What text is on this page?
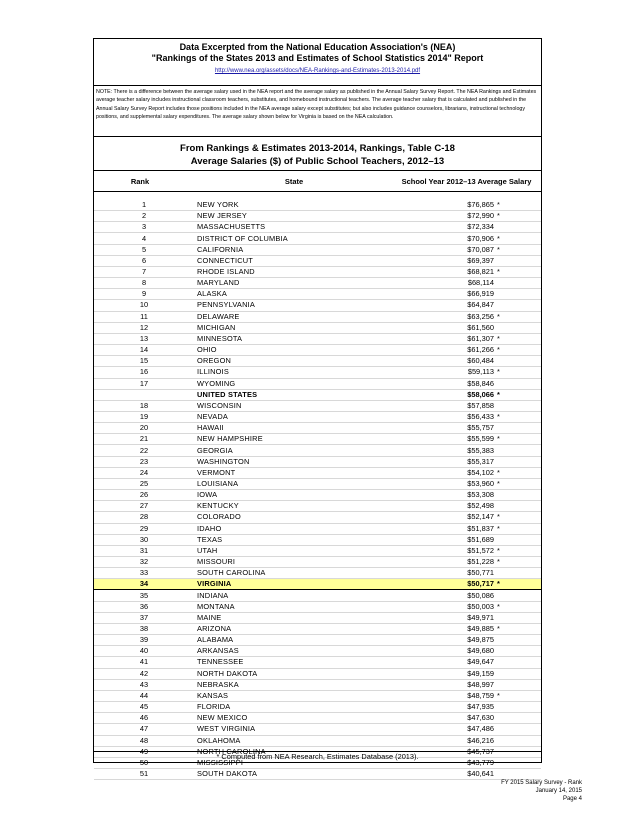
Data Excerpted from the National Education Association's (NEA)
"Rankings of the States 2013 and Estimates of School Statistics 2014" Report
http://www.nea.org/assets/docs/NEA-Rankings-and-Estimates-2013-2014.pdf
NOTE: There is a difference between the average salary used in the NEA report and the average salary as published in the Annual Salary Survey Report. The NEA Rankings and Estimates average teacher salary includes instructional classroom teachers, substitutes, and homebound instructional teachers. The average teacher salary that is calculated and published in the Annual Salary Survey Report includes those positions included in the NEA average salary except substitutes; but also includes guidance counselors, librarians, instructional technology positions, and supplemental salary expenditures. The average salary shown below for Virginia is based on the NEA calculation.
From Rankings & Estimates 2013-2014, Rankings, Table C-18
Average Salaries ($) of Public School Teachers, 2012–13
Rank	State	School Year 2012–13 Average Salary
1	NEW YORK	$76,865	*
2	NEW JERSEY	$72,990	*
3	MASSACHUSETTS	$72,334	
4	DISTRICT OF COLUMBIA	$70,906	*
5	CALIFORNIA	$70,087	*
6	CONNECTICUT	$69,397	
7	RHODE ISLAND	$68,821	*
8	MARYLAND	$68,114	
9	ALASKA	$66,919	
10	PENNSYLVANIA	$64,847	
11	DELAWARE	$63,256	*
12	MICHIGAN	$61,560	
13	MINNESOTA	$61,307	*
14	OHIO	$61,266	*
15	OREGON	$60,484	
16	ILLINOIS	$59,113	*
17	WYOMING	$58,846	
	UNITED STATES	$58,066	*
18	WISCONSIN	$57,858	
19	NEVADA	$56,433	*
20	HAWAII	$55,757	
21	NEW HAMPSHIRE	$55,599	*
22	GEORGIA	$55,383	
23	WASHINGTON	$55,317	
24	VERMONT	$54,102	*
25	LOUISIANA	$53,960	*
26	IOWA	$53,308	
27	KENTUCKY	$52,498	
28	COLORADO	$52,147	*
29	IDAHO	$51,837	*
30	TEXAS	$51,689	
31	UTAH	$51,572	*
32	MISSOURI	$51,228	*
33	SOUTH CAROLINA	$50,771	
34	VIRGINIA	$50,717	*
35	INDIANA	$50,086	
36	MONTANA	$50,003	*
37	MAINE	$49,971	
38	ARIZONA	$49,885	*
39	ALABAMA	$49,875	
40	ARKANSAS	$49,680	
41	TENNESSEE	$49,647	
42	NORTH DAKOTA	$49,159	
43	NEBRASKA	$48,997	
44	KANSAS	$48,759	*
45	FLORIDA	$47,935	
46	NEW MEXICO	$47,630	
47	WEST VIRGINIA	$47,486	
48	OKLAHOMA	$46,216	
49	NORTH CAROLINA	$45,737	
50	MISSISSIPPI	$43,779	
51	SOUTH DAKOTA	$40,641	
* Computed from NEA Research, Estimates Database (2013).
FY 2015 Salary Survey - Rank
January 14, 2015
Page 4
